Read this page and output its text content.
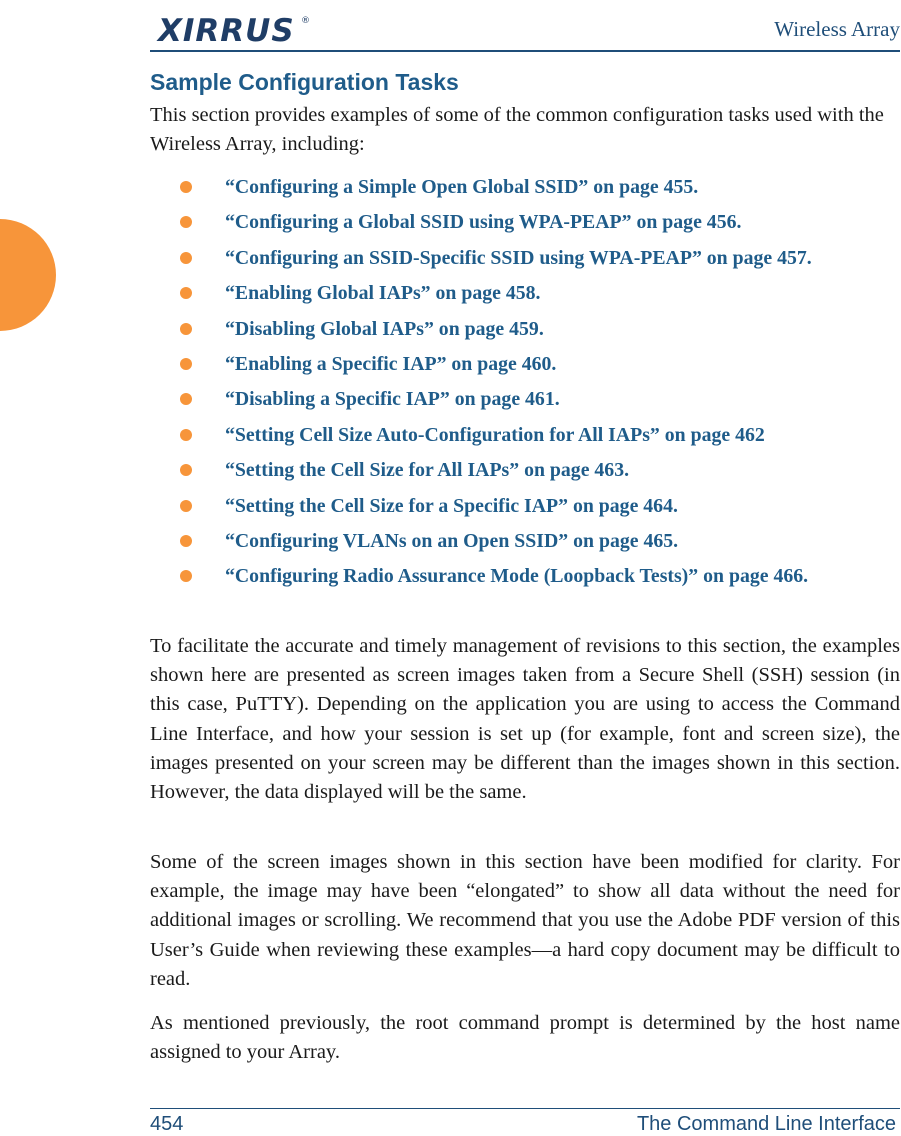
XIRRUS ®	Wireless Array
Sample Configuration Tasks

This section provides examples of some of the common configuration tasks used with the Wireless Array, including:

“Configuring a Simple Open Global SSID” on page 455.
“Configuring a Global SSID using WPA-PEAP” on page 456.
“Configuring an SSID-Specific SSID using WPA-PEAP” on page 457.
“Enabling Global IAPs” on page 458.
“Disabling Global IAPs” on page 459.
“Enabling a Specific IAP” on page 460.
“Disabling a Specific IAP” on page 461.
“Setting Cell Size Auto-Configuration for All IAPs” on page 462
“Setting the Cell Size for All IAPs” on page 463.
“Setting the Cell Size for a Specific IAP” on page 464.
“Configuring VLANs on an Open SSID” on page 465.
“Configuring Radio Assurance Mode (Loopback Tests)” on page 466.

To facilitate the accurate and timely management of revisions to this section, the examples shown here are presented as screen images taken from a Secure Shell (SSH) session (in this case, PuTTY). Depending on the application you are using to access the Command Line Interface, and how your session is set up (for example, font and screen size), the images presented on your screen may be different than the images shown in this section. However, the data displayed will be the same.

Some of the screen images shown in this section have been modified for clarity. For example, the image may have been “elongated” to show all data without the need for additional images or scrolling. We recommend that you use the Adobe PDF version of this User’s Guide when reviewing these examples—a hard copy document may be difficult to read.

As mentioned previously, the root command prompt is determined by the host name assigned to your Array.

454	The Command Line Interface
